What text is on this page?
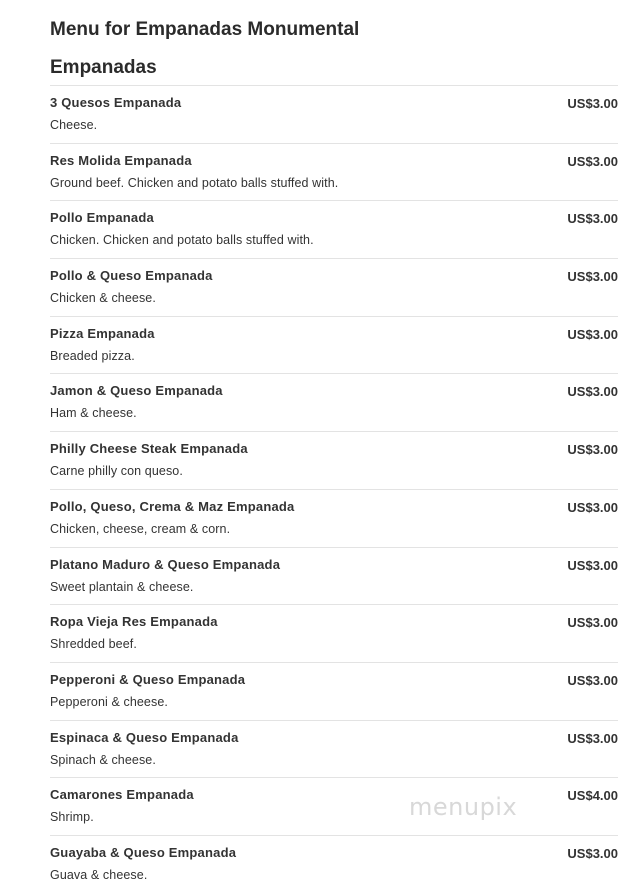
Menu for Empanadas Monumental
Empanadas
3 Quesos Empanada	US$3.00
Cheese.
Res Molida Empanada	US$3.00
Ground beef. Chicken and potato balls stuffed with.
Pollo Empanada	US$3.00
Chicken. Chicken and potato balls stuffed with.
Pollo & Queso Empanada	US$3.00
Chicken & cheese.
Pizza Empanada	US$3.00
Breaded pizza.
Jamon & Queso Empanada	US$3.00
Ham & cheese.
Philly Cheese Steak Empanada	US$3.00
Carne philly con queso.
Pollo, Queso, Crema & Maz Empanada	US$3.00
Chicken, cheese, cream & corn.
Platano Maduro & Queso Empanada	US$3.00
Sweet plantain & cheese.
Ropa Vieja Res Empanada	US$3.00
Shredded beef.
Pepperoni & Queso Empanada	US$3.00
Pepperoni & cheese.
Espinaca & Queso Empanada	US$3.00
Spinach & cheese.
Camarones Empanada	US$4.00
Shrimp.
Guayaba & Queso Empanada	US$3.00
Guava & cheese.
menupix
